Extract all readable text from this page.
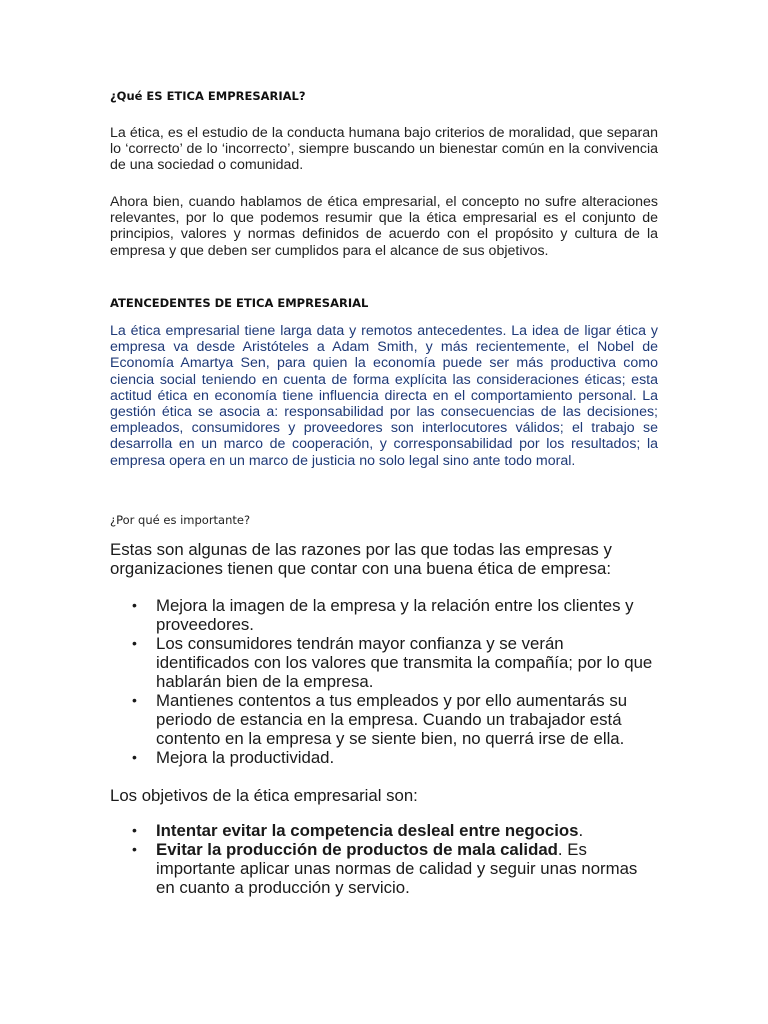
¿Qué ES ETICA EMPRESARIAL?

La ética, es el estudio de la conducta humana bajo criterios de moralidad, que separan lo ‘correcto’ de lo ‘incorrecto’, siempre buscando un bienestar común en la convivencia de una sociedad o comunidad.

Ahora bien, cuando hablamos de ética empresarial, el concepto no sufre alteraciones relevantes, por lo que podemos resumir que la ética empresarial es el conjunto de principios, valores y normas definidos de acuerdo con el propósito y cultura de la empresa y que deben ser cumplidos para el alcance de sus objetivos.

ATENCEDENTES DE ETICA EMPRESARIAL

La ética empresarial tiene larga data y remotos antecedentes. La idea de ligar ética y empresa va desde Aristóteles a Adam Smith, y más recientemente, el Nobel de Economía Amartya Sen, para quien la economía puede ser más productiva como ciencia social teniendo en cuenta de forma explícita las consideraciones éticas; esta actitud ética en economía tiene influencia directa en el comportamiento personal. La gestión ética se asocia a: responsabilidad por las consecuencias de las decisiones; empleados, consumidores y proveedores son interlocutores válidos; el trabajo se desarrolla en un marco de cooperación, y corresponsabilidad por los resultados; la empresa opera en un marco de justicia no solo legal sino ante todo moral.

¿Por qué es importante?

Estas son algunas de las razones por las que todas las empresas y organizaciones tienen que contar con una buena ética de empresa:

• Mejora la imagen de la empresa y la relación entre los clientes y proveedores.
• Los consumidores tendrán mayor confianza y se verán identificados con los valores que transmita la compañía; por lo que hablarán bien de la empresa.
• Mantienes contentos a tus empleados y por ello aumentarás su periodo de estancia en la empresa. Cuando un trabajador está contento en la empresa y se siente bien, no querrá irse de ella.
• Mejora la productividad.

Los objetivos de la ética empresarial son:

• Intentar evitar la competencia desleal entre negocios.
• Evitar la producción de productos de mala calidad. Es importante aplicar unas normas de calidad y seguir unas normas en cuanto a producción y servicio.
